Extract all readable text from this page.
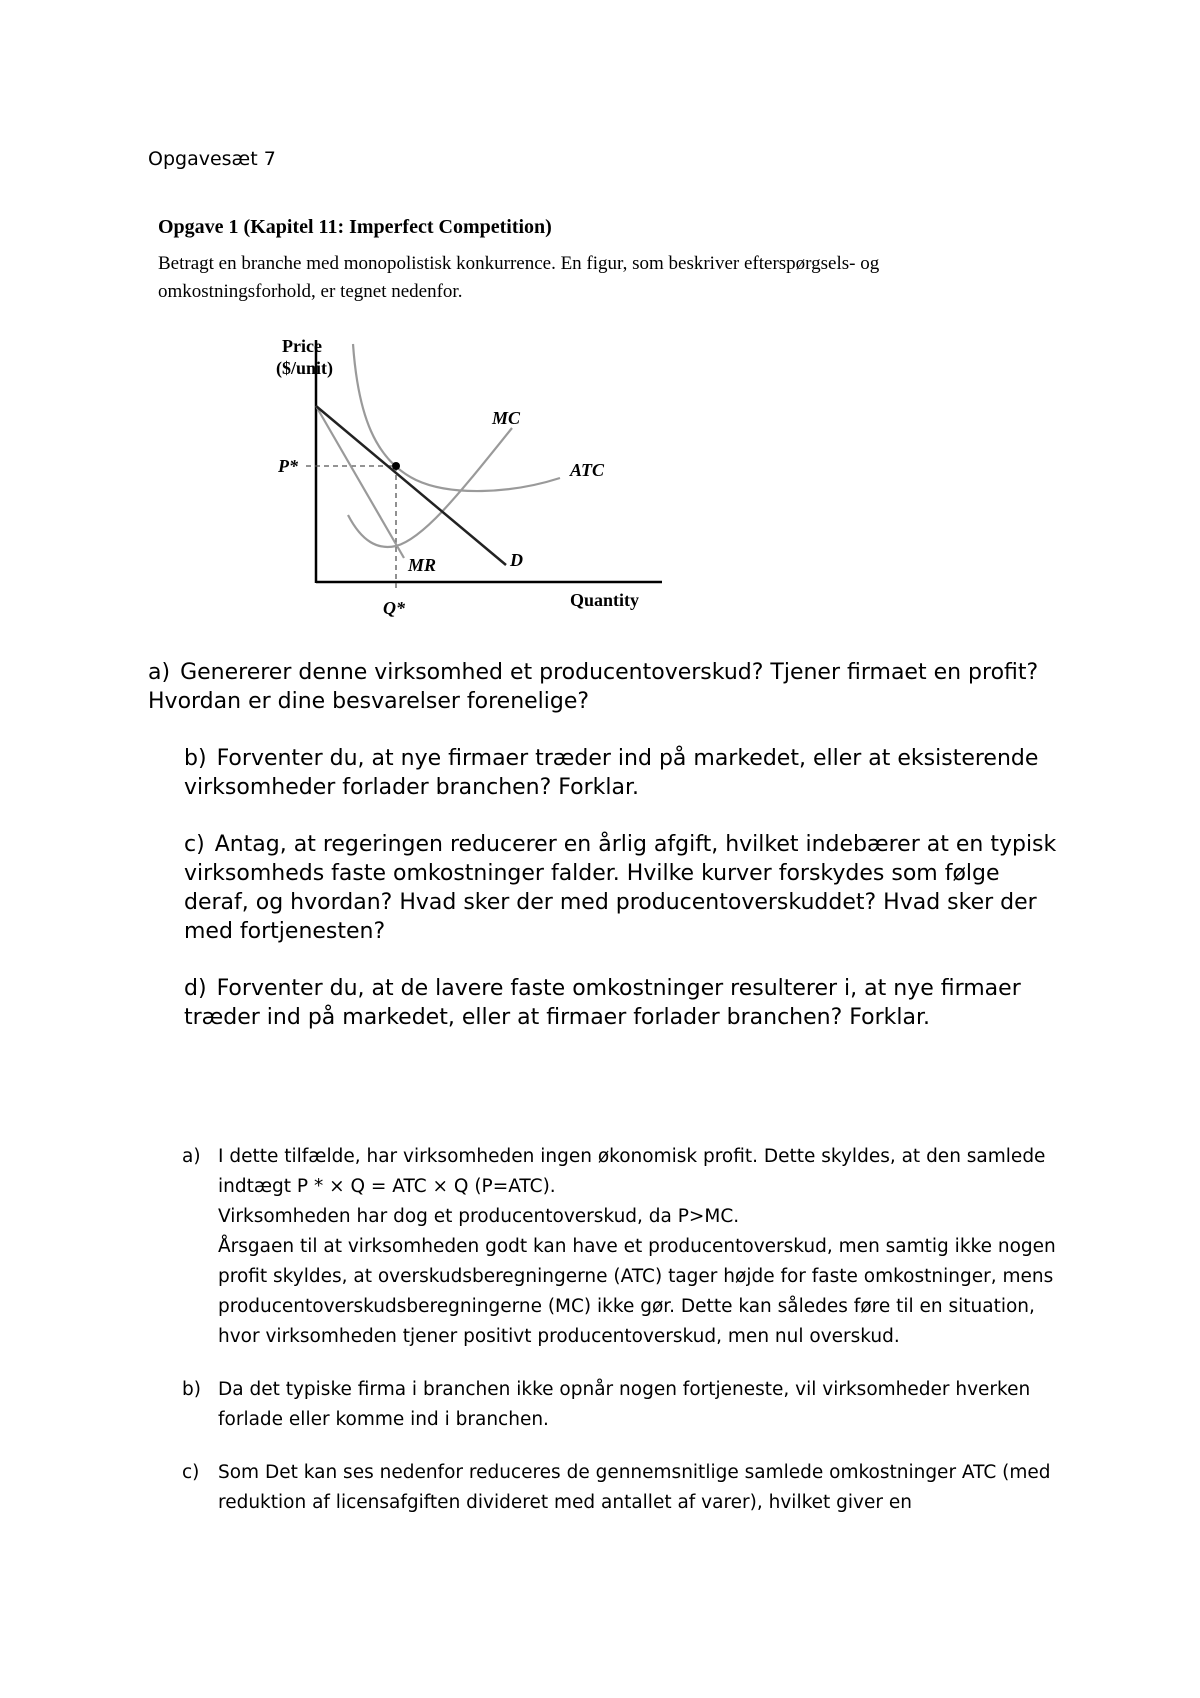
Opgavesæt 7
Opgave 1 (Kapitel 11: Imperfect Competition)
Betragt en branche med monopolistisk konkurrence. En figur, som beskriver efterspørgsels- og omkostningsforhold, er tegnet nedenfor.
Price
($/unit)
P*
Q*	Quantity
MC
ATC
MR	D
a) Genererer denne virksomhed et producentoverskud? Tjener firmaet en profit? Hvordan er dine besvarelser forenelige?
b) Forventer du, at nye firmaer træder ind på markedet, eller at eksisterende virksomheder forlader branchen? Forklar.
c) Antag, at regeringen reducerer en årlig afgift, hvilket indebærer at en typisk virksomheds faste omkostninger falder. Hvilke kurver forskydes som følge deraf, og hvordan? Hvad sker der med producentoverskuddet? Hvad sker der med fortjenesten?
d) Forventer du, at de lavere faste omkostninger resulterer i, at nye firmaer træder ind på markedet, eller at firmaer forlader branchen? Forklar.
a) I dette tilfælde, har virksomheden ingen økonomisk profit. Dette skyldes, at den samlede indtægt P * × Q = ATC × Q (P=ATC).

Virksomheden har dog et producentoverskud, da P>MC.

Årsgaen til at virksomheden godt kan have et producentoverskud, men samtig ikke nogen profit skyldes, at overskudsberegningerne (ATC) tager højde for faste omkostninger, mens producentoverskudsberegningerne (MC) ikke gør. Dette kan således føre til en situation, hvor virksomheden tjener positivt producentoverskud, men nul overskud.

b) Da det typiske firma i branchen ikke opnår nogen fortjeneste, vil virksomheder hverken forlade eller komme ind i branchen.

c)	Som Det kan ses nedenfor reduceres de gennemsnitlige samlede omkostninger ATC (med reduktion af licensafgiften divideret med antallet af varer), hvilket giver en
